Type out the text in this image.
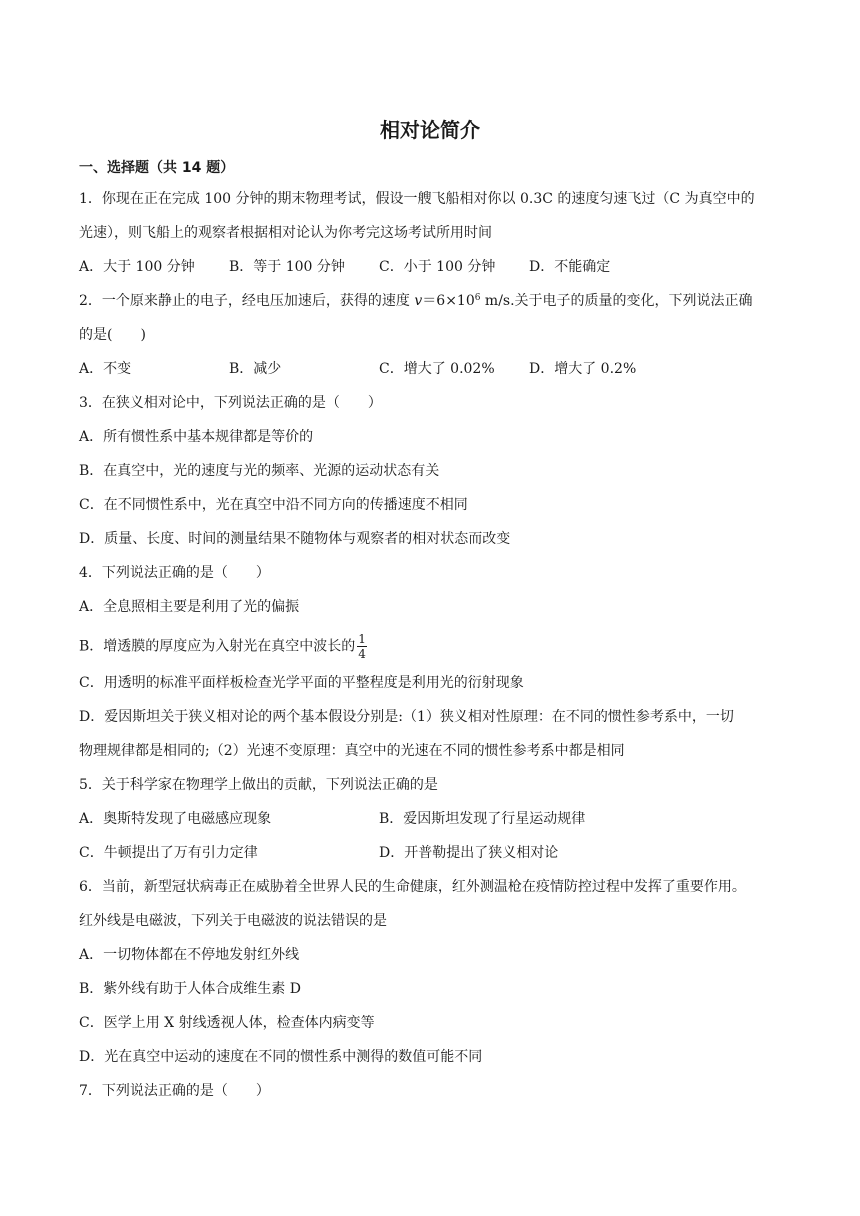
相对论简介
一、选择题（共 14 题）
1．你现在正在完成 100 分钟的期末物理考试，假设一艘飞船相对你以 0.3C 的速度匀速飞过（C 为真空中的
光速），则飞船上的观察者根据相对论认为你考完这场考试所用时间
A．大于 100 分钟 B．等于 100 分钟 C．小于 100 分钟 D．不能确定
2．一个原来静止的电子，经电压加速后，获得的速度 $v=6\times 10^6$ m/s.关于电子的质量的变化，下列说法正确
的是(　　)
A．不变	B．减少	C．增大了 0.02% D．增大了 0.2%
3．在狭义相对论中，下列说法正确的是（　　）
A．所有惯性系中基本规律都是等价的
B．在真空中，光的速度与光的频率、光源的运动状态有关
C．在不同惯性系中，光在真空中沿不同方向的传播速度不相同
D．质量、长度、时间的测量结果不随物体与观察者的相对状态而改变
4．下列说法正确的是（　　）
A．全息照相主要是利用了光的偏振
B．增透膜的厚度应为入射光在真空中波长的 $\frac{1}{4}$
C．用透明的标准平面样板检查光学平面的平整程度是利用光的衍射现象
D．爱因斯坦关于狭义相对论的两个基本假设分别是:（1）狭义相对性原理：在不同的惯性参考系中，一切
物理规律都是相同的;（2）光速不变原理：真空中的光速在不同的惯性参考系中都是相同
5．关于科学家在物理学上做出的贡献，下列说法正确的是
A．奥斯特发现了电磁感应现象	B．爱因斯坦发现了行星运动规律
C．牛顿提出了万有引力定律	D．开普勒提出了狭义相对论
6．当前，新型冠状病毒正在威胁着全世界人民的生命健康，红外测温枪在疫情防控过程中发挥了重要作用。
红外线是电磁波，下列关于电磁波的说法错误的是
A．一切物体都在不停地发射红外线
B．紫外线有助于人体合成维生素 D
C．医学上用 X 射线透视人体，检查体内病变等
D．光在真空中运动的速度在不同的惯性系中测得的数值可能不同
7．下列说法正确的是（　　）
